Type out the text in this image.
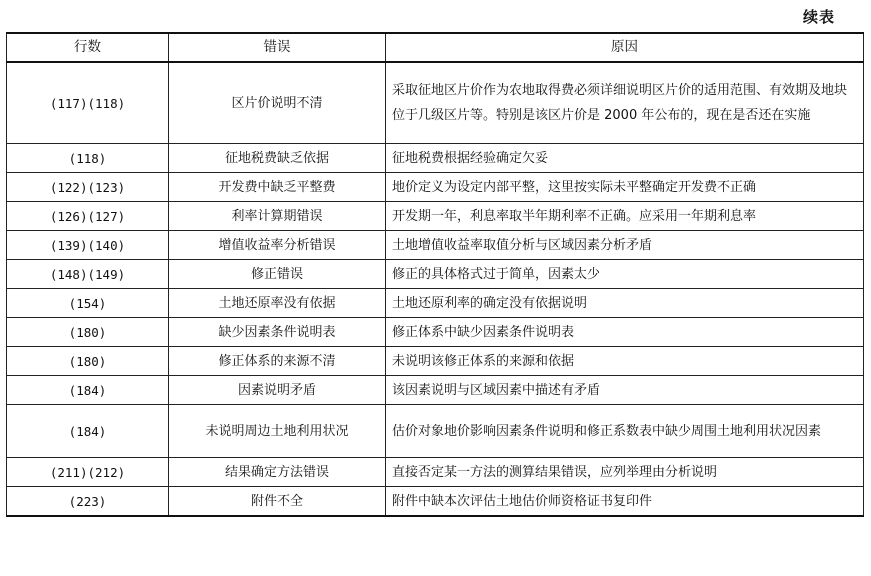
续表
行数	错误	原因
(117)(118)	区片价说明不清	采取征地区片价作为农地取得费必须详细说明区片价的适用范围、有效期及地块位于几级区片等。特别是该区片价是 2000 年公布的，现在是否还在实施
(118)	征地税费缺乏依据	征地税费根据经验确定欠妥
(122)(123)	开发费中缺乏平整费	地价定义为设定内部平整，这里按实际未平整确定开发费不正确
(126)(127)	利率计算期错误	开发期一年，利息率取半年期利率不正确。应采用一年期利息率
(139)(140)	增值收益率分析错误	土地增值收益率取值分析与区域因素分析矛盾
(148)(149)	修正错误	修正的具体格式过于简单，因素太少
(154)	土地还原率没有依据	土地还原利率的确定没有依据说明
(180)	缺少因素条件说明表	修正体系中缺少因素条件说明表
(180)	修正体系的来源不清	未说明该修正体系的来源和依据
(184)	因素说明矛盾	该因素说明与区域因素中描述有矛盾
(184)	未说明周边土地利用状况	估价对象地价影响因素条件说明和修正系数表中缺少周围土地利用状况因素
(211)(212)	结果确定方法错误	直接否定某一方法的测算结果错误，应列举理由分析说明
(223)	附件不全	附件中缺本次评估土地估价师资格证书复印件
